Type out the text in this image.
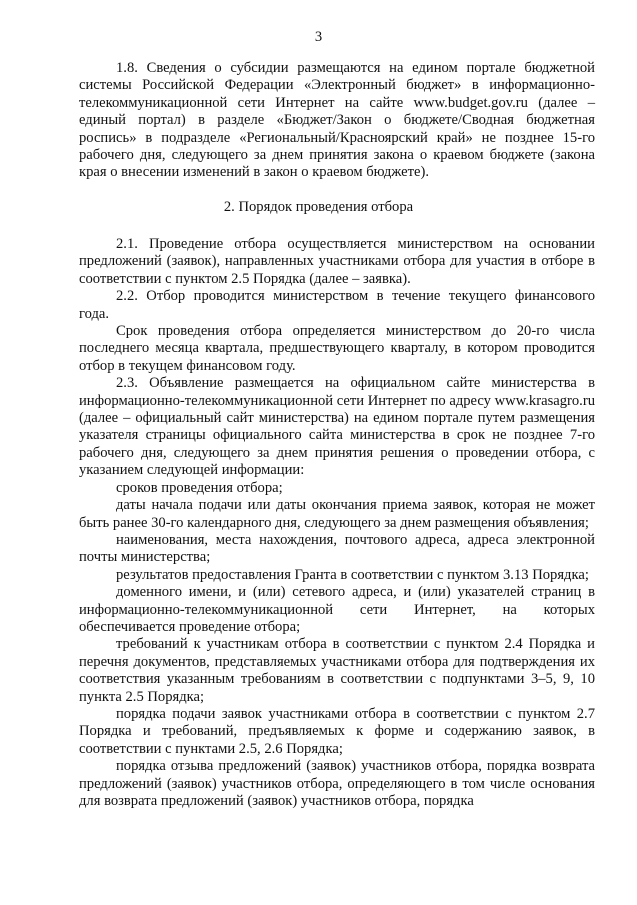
3

1.8. Сведения о субсидии размещаются на едином портале бюджетной системы Российской Федерации «Электронный бюджет» в информационно-телекоммуникационной сети Интернет на сайте www.budget.gov.ru (далее – единый портал) в разделе «Бюджет/Закон о бюджете/Сводная бюджетная роспись» в подразделе «Региональный/Красноярский край» не позднее 15-го рабочего дня, следующего за днем принятия закона о краевом бюджете (закона края о внесении изменений в закон о краевом бюджете).

2. Порядок проведения отбора

2.1. Проведение отбора осуществляется министерством на основании предложений (заявок), направленных участниками отбора для участия в отборе в соответствии с пунктом 2.5 Порядка (далее – заявка).

2.2. Отбор проводится министерством в течение текущего финансового года.

Срок проведения отбора определяется министерством до 20-го числа последнего месяца квартала, предшествующего кварталу, в котором проводится отбор в текущем финансовом году.

2.3. Объявление размещается на официальном сайте министерства в информационно-телекоммуникационной сети Интернет по адресу www.krasagro.ru (далее – официальный сайт министерства) на едином портале путем размещения указателя страницы официального сайта министерства в срок не позднее 7-го рабочего дня, следующего за днем принятия решения о проведении отбора, с указанием следующей информации:

сроков проведения отбора;

даты начала подачи или даты окончания приема заявок, которая не может быть ранее 30-го календарного дня, следующего за днем размещения объявления;

наименования, места нахождения, почтового адреса, адреса электронной почты министерства;

результатов предоставления Гранта в соответствии с пунктом 3.13 Порядка;

доменного имени, и (или) сетевого адреса, и (или) указателей страниц в информационно-телекоммуникационной сети Интернет, на которых обеспечивается проведение отбора;

требований к участникам отбора в соответствии с пунктом 2.4 Порядка и перечня документов, представляемых участниками отбора для подтверждения их соответствия указанным требованиям в соответствии с подпунктами 3–5, 9, 10 пункта 2.5 Порядка;

порядка подачи заявок участниками отбора в соответствии с пунктом 2.7 Порядка и требований, предъявляемых к форме и содержанию заявок, в соответствии с пунктами 2.5, 2.6 Порядка;

порядка отзыва предложений (заявок) участников отбора, порядка возврата предложений (заявок) участников отбора, определяющего в том числе основания для возврата предложений (заявок) участников отбора, порядка
